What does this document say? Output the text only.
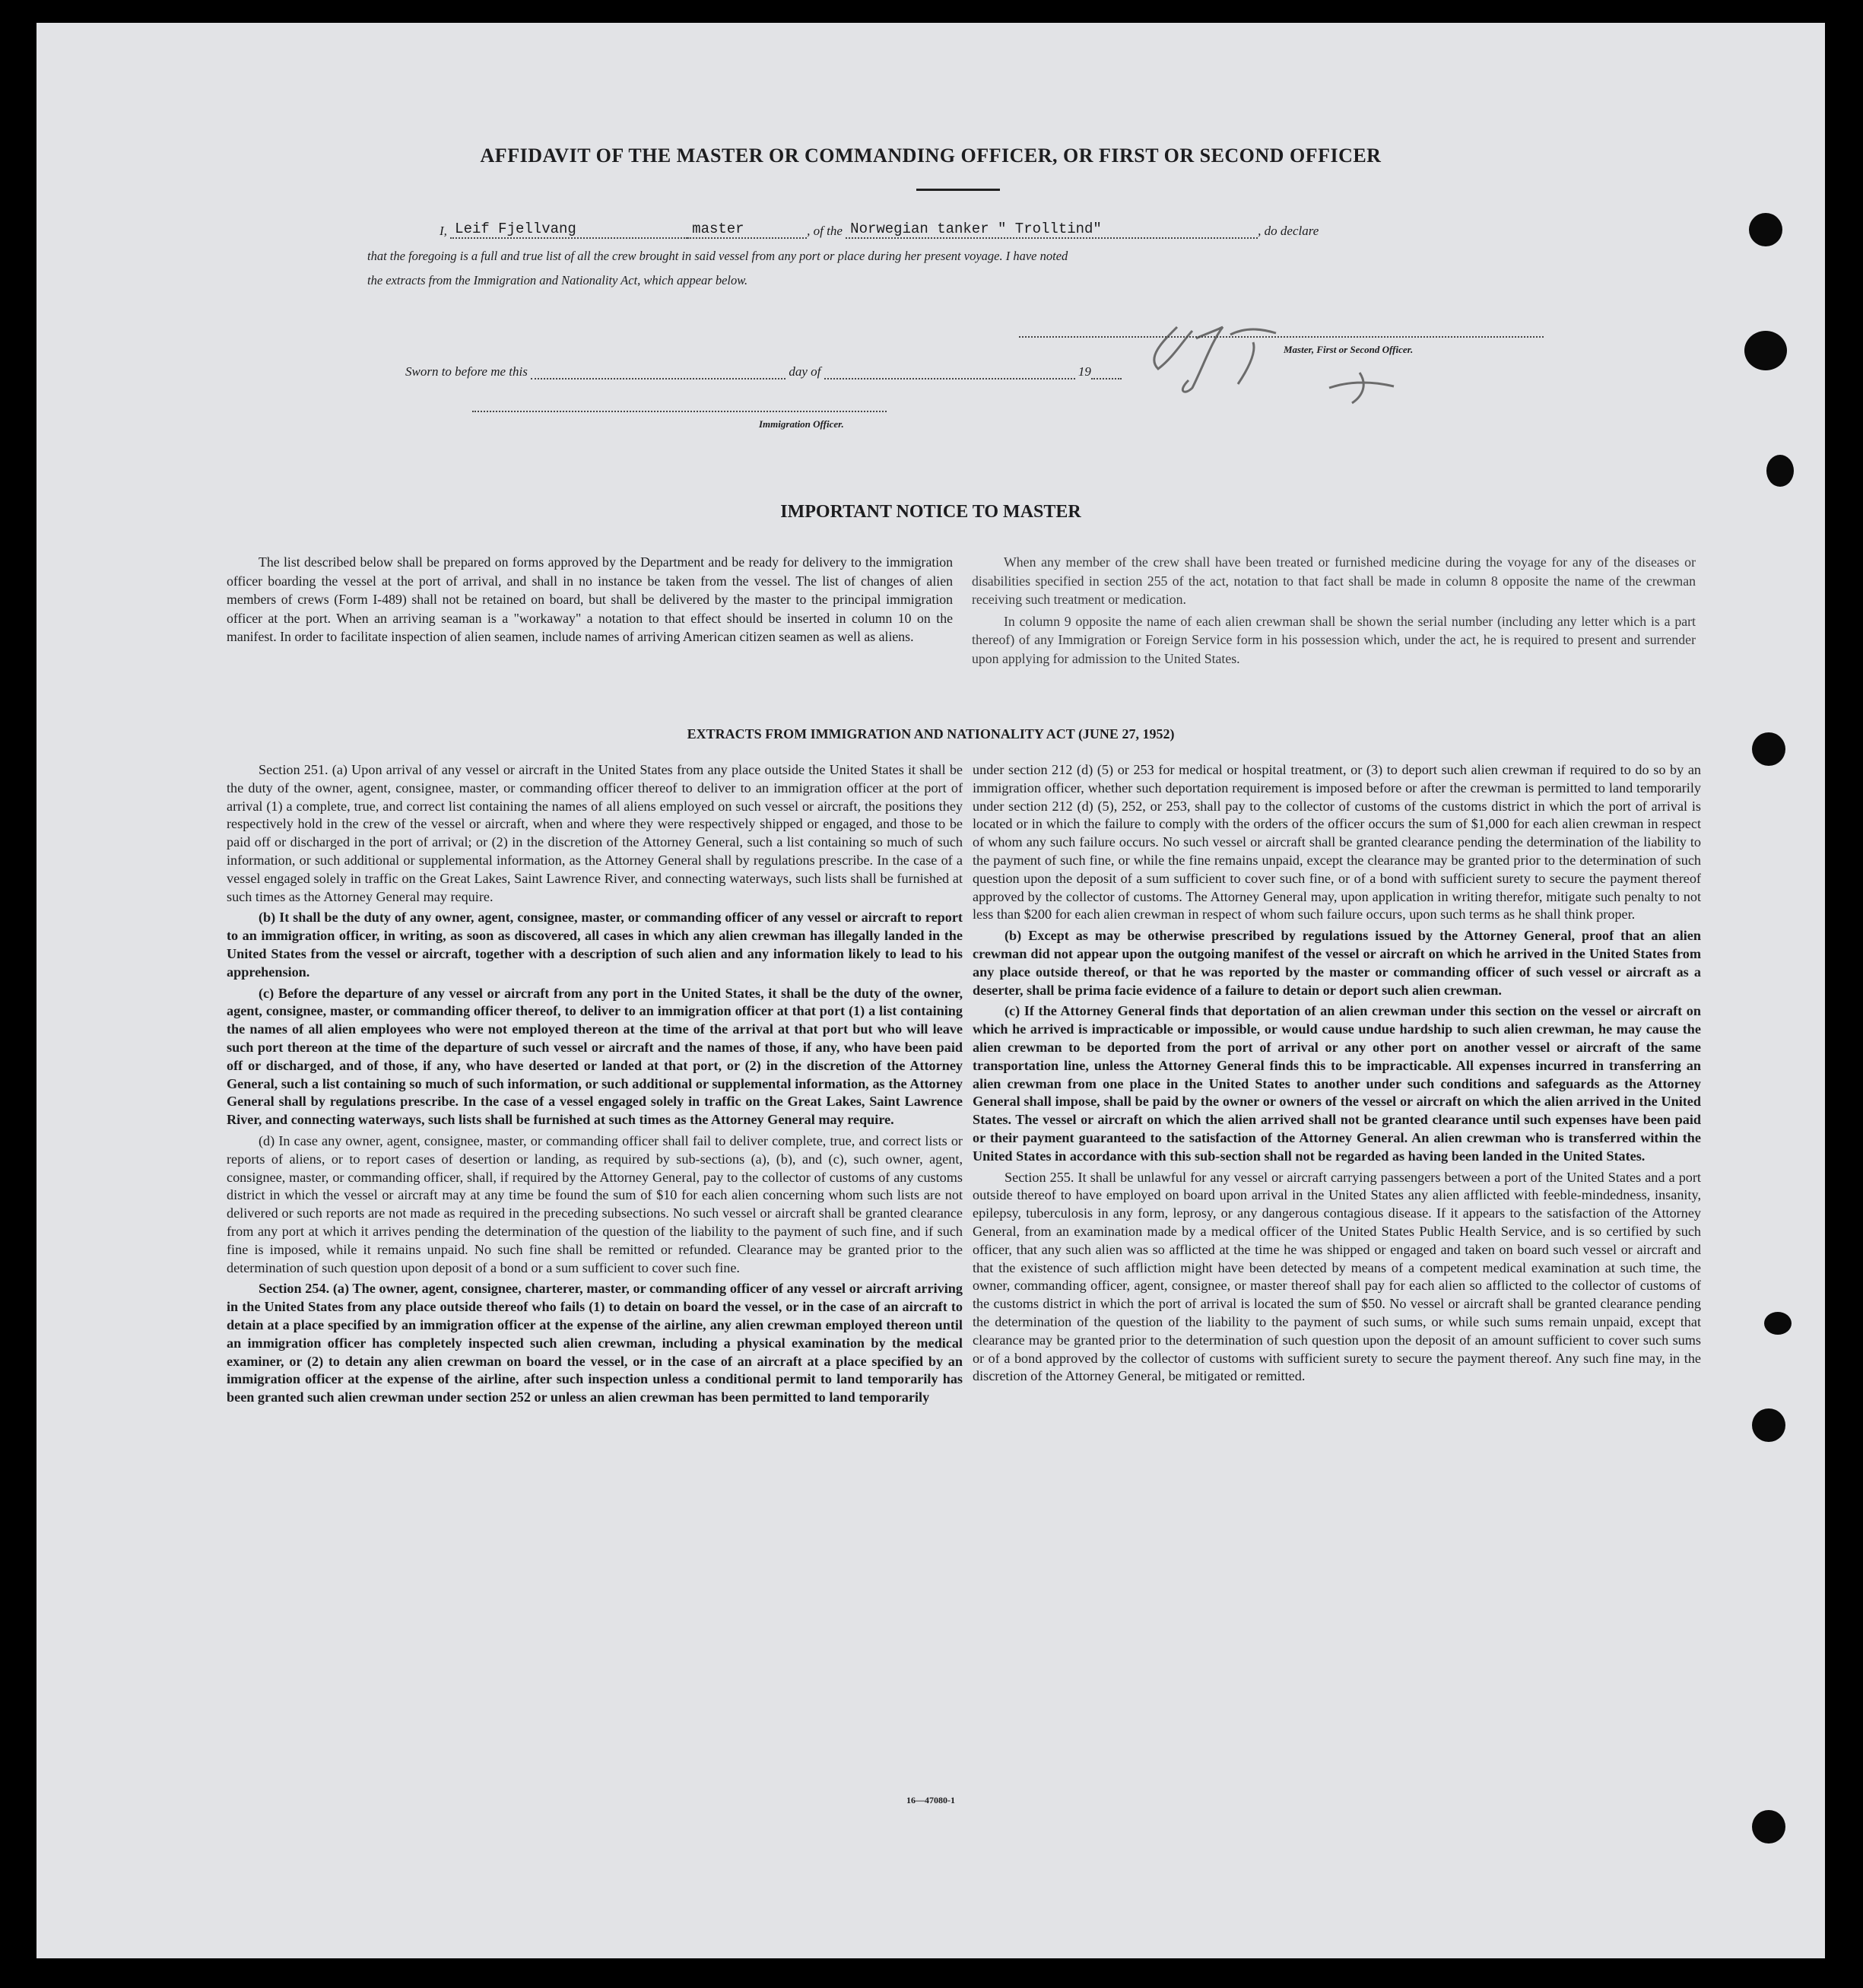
AFFIDAVIT OF THE MASTER OR COMMANDING OFFICER, OR FIRST OR SECOND OFFICER
I, Leif Fjellvang	master	, of the Norwegian tanker " Trolltind"	, do declare
that the foregoing is a full and true list of all the crew brought in said vessel from any port or place during her present voyage. I have noted
the extracts from the Immigration and Nationality Act, which appear below.
Master, First or Second Officer.
Sworn to before me this	day of	19
Immigration Officer.
IMPORTANT NOTICE TO MASTER

The list described below shall be prepared on forms approved by the Department and be ready for delivery to the immigration officer boarding the vessel at the port of arrival, and shall in no instance be taken from the vessel. The list of changes of alien members of crews (Form I-489) shall not be retained on board, but shall be delivered by the master to the principal immigration officer at the port. When an arriving seaman is a "workaway" a notation to that effect should be inserted in column 10 on the manifest. In order to facilitate inspection of alien seamen, include names of arriving American citizen seamen as well as aliens.

When any member of the crew shall have been treated or furnished medicine during the voyage for any of the diseases or disabilities specified in section 255 of the act, notation to that fact shall be made in column 8 opposite the name of the crewman receiving such treatment or medication.

In column 9 opposite the name of each alien crewman shall be shown the serial number (including any letter which is a part thereof) of any Immigration or Foreign Service form in his possession which, under the act, he is required to present and surrender upon applying for admission to the United States.

EXTRACTS FROM IMMIGRATION AND NATIONALITY ACT (JUNE 27, 1952)

Section 251. (a) Upon arrival of any vessel or aircraft in the United States from any place outside the United States it shall be the duty of the owner, agent, consignee, master, or commanding officer thereof to deliver to an immigration officer at the port of arrival (1) a complete, true, and correct list containing the names of all aliens employed on such vessel or aircraft, the positions they respectively hold in the crew of the vessel or aircraft, when and where they were respectively shipped or engaged, and those to be paid off or discharged in the port of arrival; or (2) in the discretion of the Attorney General, such a list containing so much of such information, or such additional or supplemental information, as the Attorney General shall by regulations prescribe. In the case of a vessel engaged solely in traffic on the Great Lakes, Saint Lawrence River, and connecting waterways, such lists shall be furnished at such times as the Attorney General may require.

(b) It shall be the duty of any owner, agent, consignee, master, or commanding officer of any vessel or aircraft to report to an immigration officer, in writing, as soon as discovered, all cases in which any alien crewman has illegally landed in the United States from the vessel or aircraft, together with a description of such alien and any information likely to lead to his apprehension.

(c) Before the departure of any vessel or aircraft from any port in the United States, it shall be the duty of the owner, agent, consignee, master, or commanding officer thereof, to deliver to an immigration officer at that port (1) a list containing the names of all alien employees who were not employed thereon at the time of the arrival at that port but who will leave such port thereon at the time of the departure of such vessel or aircraft and the names of those, if any, who have been paid off or discharged, and of those, if any, who have deserted or landed at that port, or (2) in the discretion of the Attorney General, such a list containing so much of such information, or such additional or supplemental information, as the Attorney General shall by regulations prescribe. In the case of a vessel engaged solely in traffic on the Great Lakes, Saint Lawrence River, and connecting waterways, such lists shall be furnished at such times as the Attorney General may require.

(d) In case any owner, agent, consignee, master, or commanding officer shall fail to deliver complete, true, and correct lists or reports of aliens, or to report cases of desertion or landing, as required by sub-sections (a), (b), and (c), such owner, agent, consignee, master, or commanding officer, shall, if required by the Attorney General, pay to the collector of customs of any customs district in which the vessel or aircraft may at any time be found the sum of $10 for each alien concerning whom such lists are not delivered or such reports are not made as required in the preceding subsections. No such vessel or aircraft shall be granted clearance from any port at which it arrives pending the determination of the question of the liability to the payment of such fine, and if such fine is imposed, while it remains unpaid. No such fine shall be remitted or refunded. Clearance may be granted prior to the determination of such question upon deposit of a bond or a sum sufficient to cover such fine.

Section 254. (a) The owner, agent, consignee, charterer, master, or commanding officer of any vessel or aircraft arriving in the United States from any place outside thereof who fails (1) to detain on board the vessel, or in the case of an aircraft to detain at a place specified by an immigration officer at the expense of the airline, any alien crewman employed thereon until an immigration officer has completely inspected such alien crewman, including a physical examination by the medical examiner, or (2) to detain any alien crewman on board the vessel, or in the case of an aircraft at a place specified by an immigration officer at the expense of the airline, after such inspection unless a conditional permit to land temporarily has been granted such alien crewman under section 252 or unless an alien crewman has been permitted to land temporarily

under section 212 (d) (5) or 253 for medical or hospital treatment, or (3) to deport such alien crewman if required to do so by an immigration officer, whether such deportation requirement is imposed before or after the crewman is permitted to land temporarily under section 212 (d) (5), 252, or 253, shall pay to the collector of customs of the customs district in which the port of arrival is located or in which the failure to comply with the orders of the officer occurs the sum of $1,000 for each alien crewman in respect of whom any such failure occurs. No such vessel or aircraft shall be granted clearance pending the determination of the liability to the payment of such fine, or while the fine remains unpaid, except the clearance may be granted prior to the determination of such question upon the deposit of a sum sufficient to cover such fine, or of a bond with sufficient surety to secure the payment thereof approved by the collector of customs. The Attorney General may, upon application in writing therefor, mitigate such penalty to not less than $200 for each alien crewman in respect of whom such failure occurs, upon such terms as he shall think proper.

(b) Except as may be otherwise prescribed by regulations issued by the Attorney General, proof that an alien crewman did not appear upon the outgoing manifest of the vessel or aircraft on which he arrived in the United States from any place outside thereof, or that he was reported by the master or commanding officer of such vessel or aircraft as a deserter, shall be prima facie evidence of a failure to detain or deport such alien crewman.

(c) If the Attorney General finds that deportation of an alien crewman under this section on the vessel or aircraft on which he arrived is impracticable or impossible, or would cause undue hardship to such alien crewman, he may cause the alien crewman to be deported from the port of arrival or any other port on another vessel or aircraft of the same transportation line, unless the Attorney General finds this to be impracticable. All expenses incurred in transferring an alien crewman from one place in the United States to another under such conditions and safeguards as the Attorney General shall impose, shall be paid by the owner or owners of the vessel or aircraft on which the alien arrived in the United States. The vessel or aircraft on which the alien arrived shall not be granted clearance until such expenses have been paid or their payment guaranteed to the satisfaction of the Attorney General. An alien crewman who is transferred within the United States in accordance with this sub-section shall not be regarded as having been landed in the United States.

Section 255. It shall be unlawful for any vessel or aircraft carrying passengers between a port of the United States and a port outside thereof to have employed on board upon arrival in the United States any alien afflicted with feeble-mindedness, insanity, epilepsy, tuberculosis in any form, leprosy, or any dangerous contagious disease. If it appears to the satisfaction of the Attorney General, from an examination made by a medical officer of the United States Public Health Service, and is so certified by such officer, that any such alien was so afflicted at the time he was shipped or engaged and taken on board such vessel or aircraft and that the existence of such affliction might have been detected by means of a competent medical examination at such time, the owner, commanding officer, agent, consignee, or master thereof shall pay for each alien so afflicted to the collector of customs of the customs district in which the port of arrival is located the sum of $50. No vessel or aircraft shall be granted clearance pending the determination of the question of the liability to the payment of such sums, or while such sums remain unpaid, except that clearance may be granted prior to the determination of such question upon the deposit of an amount sufficient to cover such sums or of a bond approved by the collector of customs with sufficient surety to secure the payment thereof. Any such fine may, in the discretion of the Attorney General, be mitigated or remitted.

16—47080-1
